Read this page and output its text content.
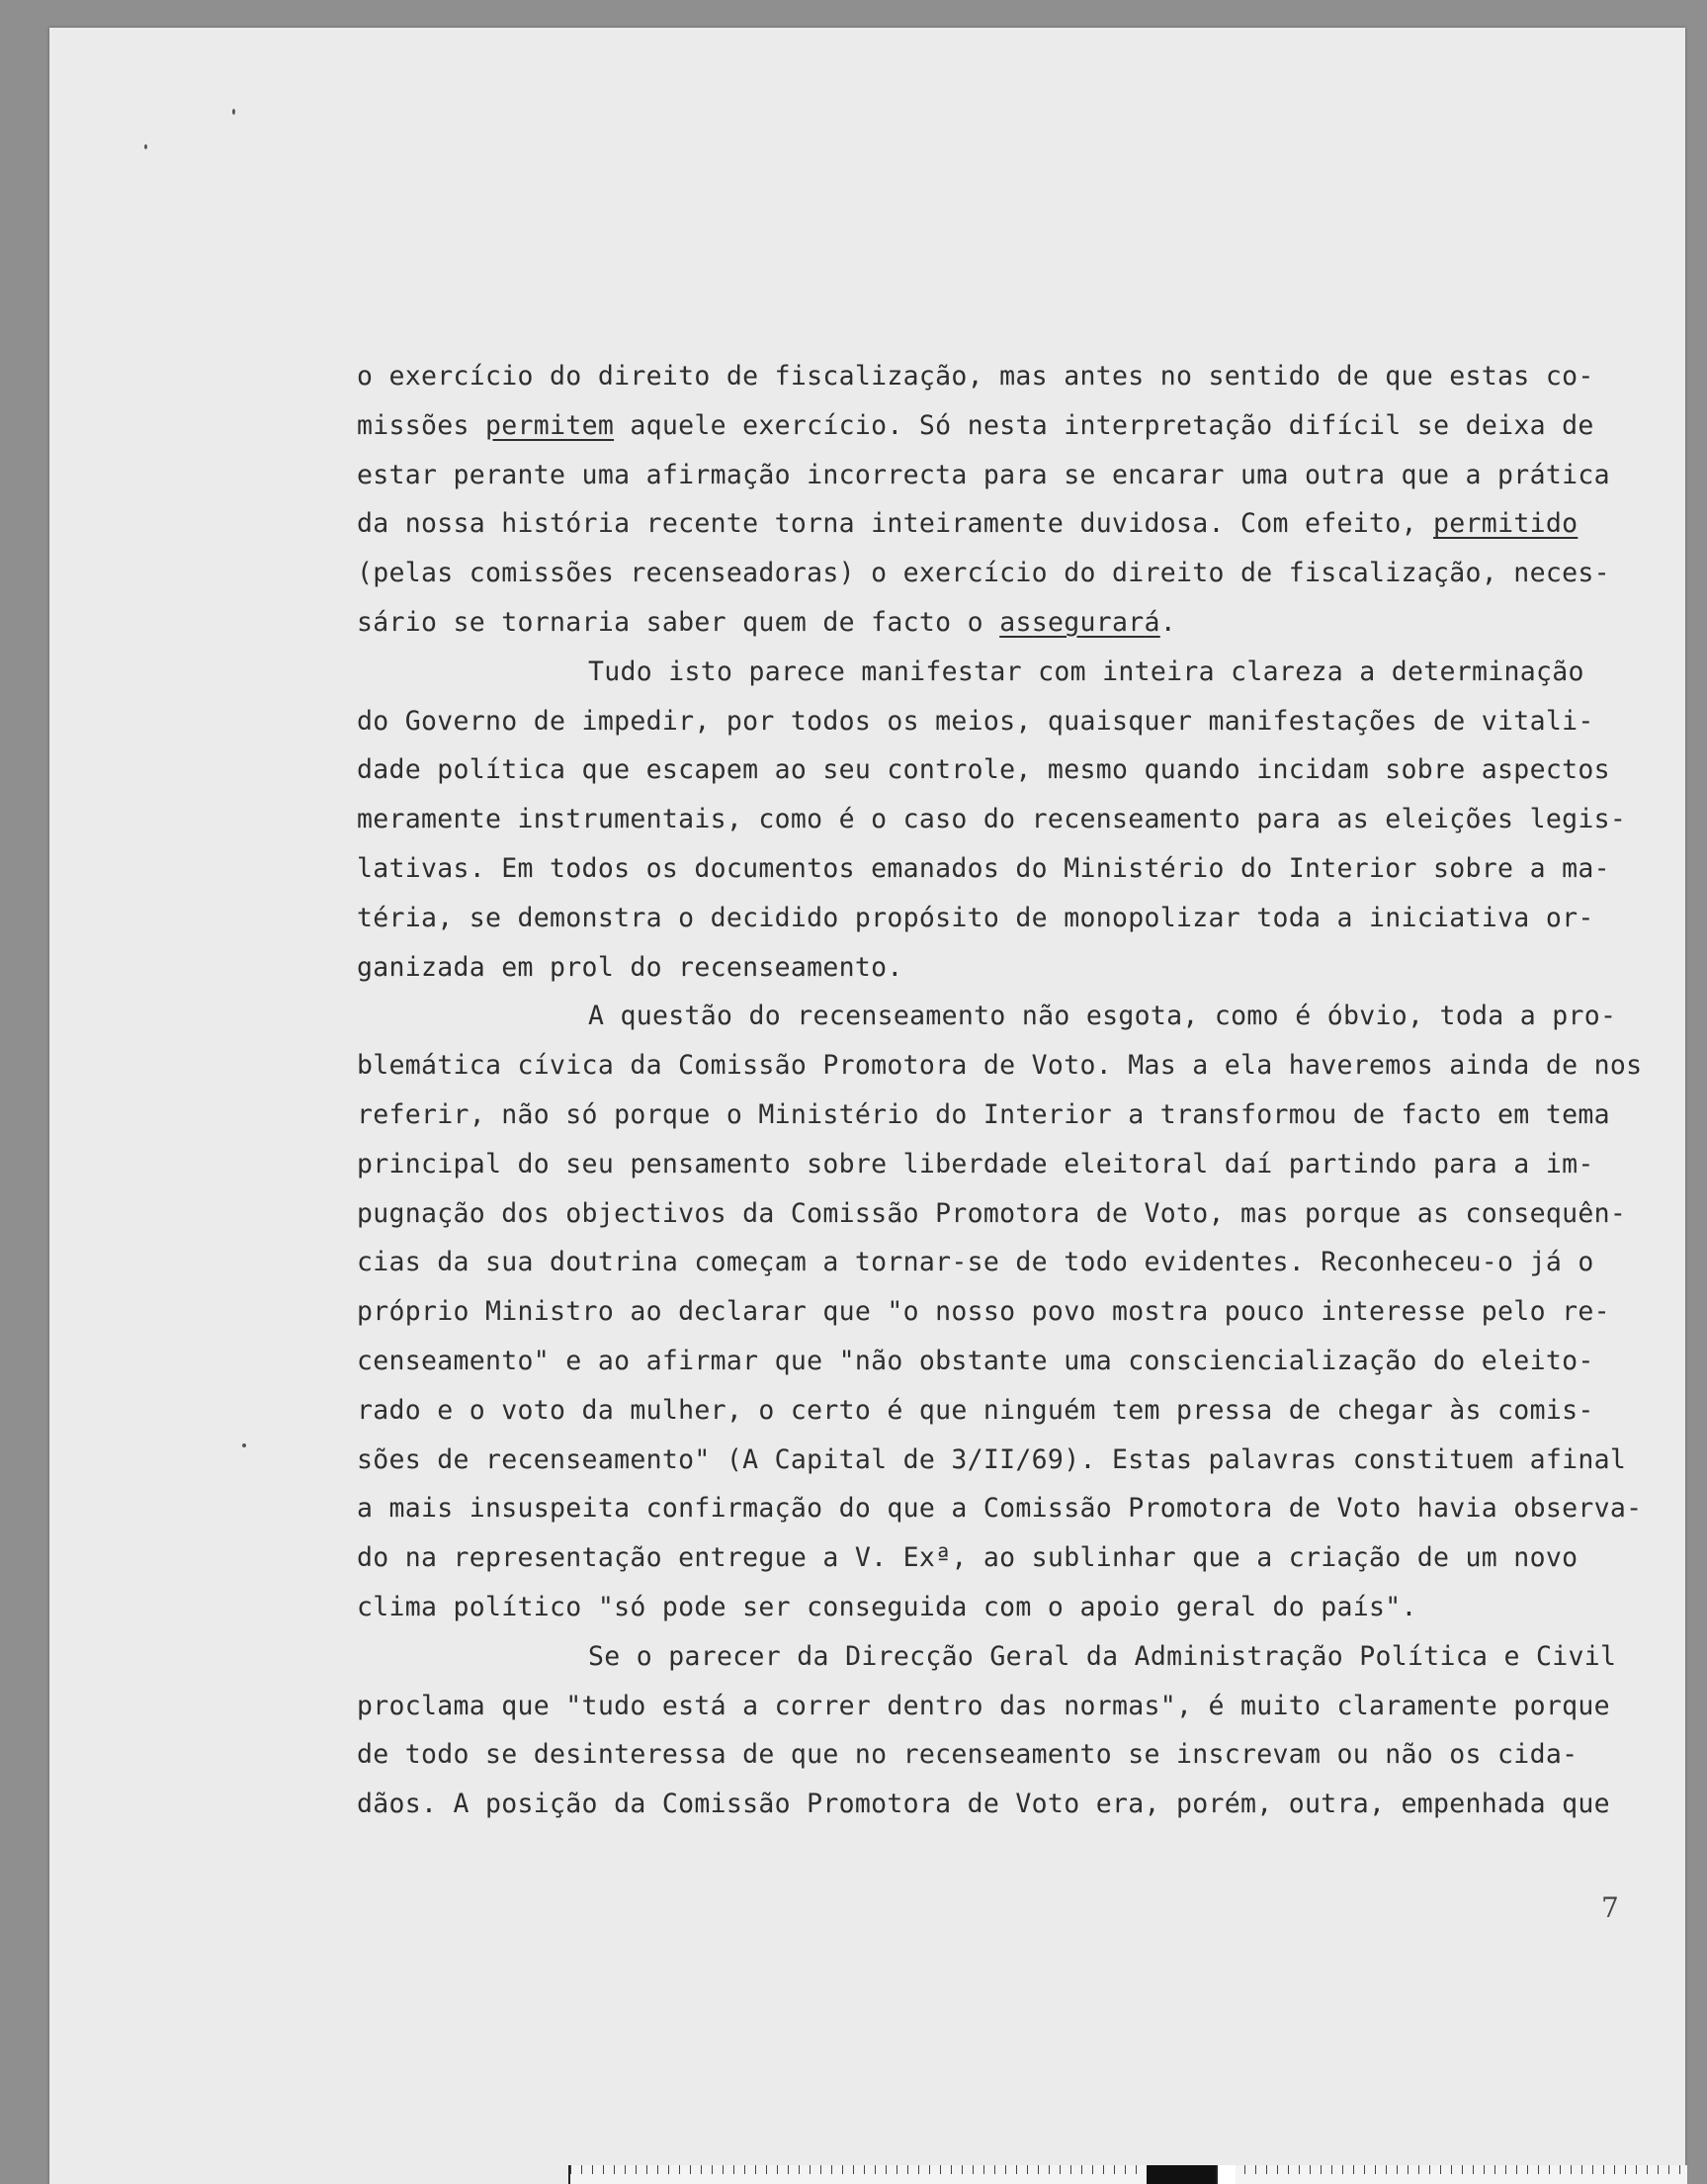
o exercício do direito de fiscalização, mas antes no sentido de que estas co-
missões permitem aquele exercício. Só nesta interpretação difícil se deixa de
estar perante uma afirmação incorrecta para se encarar uma outra que a prática
da nossa história recente torna inteiramente duvidosa. Com efeito, permitido
(pelas comissões recenseadoras) o exercício do direito de fiscalização, neces-
sário se tornaria saber quem de facto o assegurará.
Tudo isto parece manifestar com inteira clareza a determinação
do Governo de impedir, por todos os meios, quaisquer manifestações de vitali-
dade política que escapem ao seu controle, mesmo quando incidam sobre aspectos
meramente instrumentais, como é o caso do recenseamento para as eleições legis-
lativas. Em todos os documentos emanados do Ministério do Interior sobre a ma-
téria, se demonstra o decidido propósito de monopolizar toda a iniciativa or-
ganizada em prol do recenseamento.
A questão do recenseamento não esgota, como é óbvio, toda a pro-
blemática cívica da Comissão Promotora de Voto. Mas a ela haveremos ainda de nos
referir, não só porque o Ministério do Interior a transformou de facto em tema
principal do seu pensamento sobre liberdade eleitoral daí partindo para a im-
pugnação dos objectivos da Comissão Promotora de Voto, mas porque as consequên-
cias da sua doutrina começam a tornar-se de todo evidentes. Reconheceu-o já o
próprio Ministro ao declarar que "o nosso povo mostra pouco interesse pelo re-
censeamento" e ao afirmar que "não obstante uma consciencialização do eleito-
rado e o voto da mulher, o certo é que ninguém tem pressa de chegar às comis-
sões de recenseamento" (A Capital de 3/II/69). Estas palavras constituem afinal
a mais insuspeita confirmação do que a Comissão Promotora de Voto havia observa-
do na representação entregue a V. Exª, ao sublinhar que a criação de um novo
clima político "só pode ser conseguida com o apoio geral do país".
Se o parecer da Direcção Geral da Administração Política e Civil
proclama que "tudo está a correr dentro das normas", é muito claramente porque
de todo se desinteressa de que no recenseamento se inscrevam ou não os cida-
dãos. A posição da Comissão Promotora de Voto era, porém, outra, empenhada que
7
